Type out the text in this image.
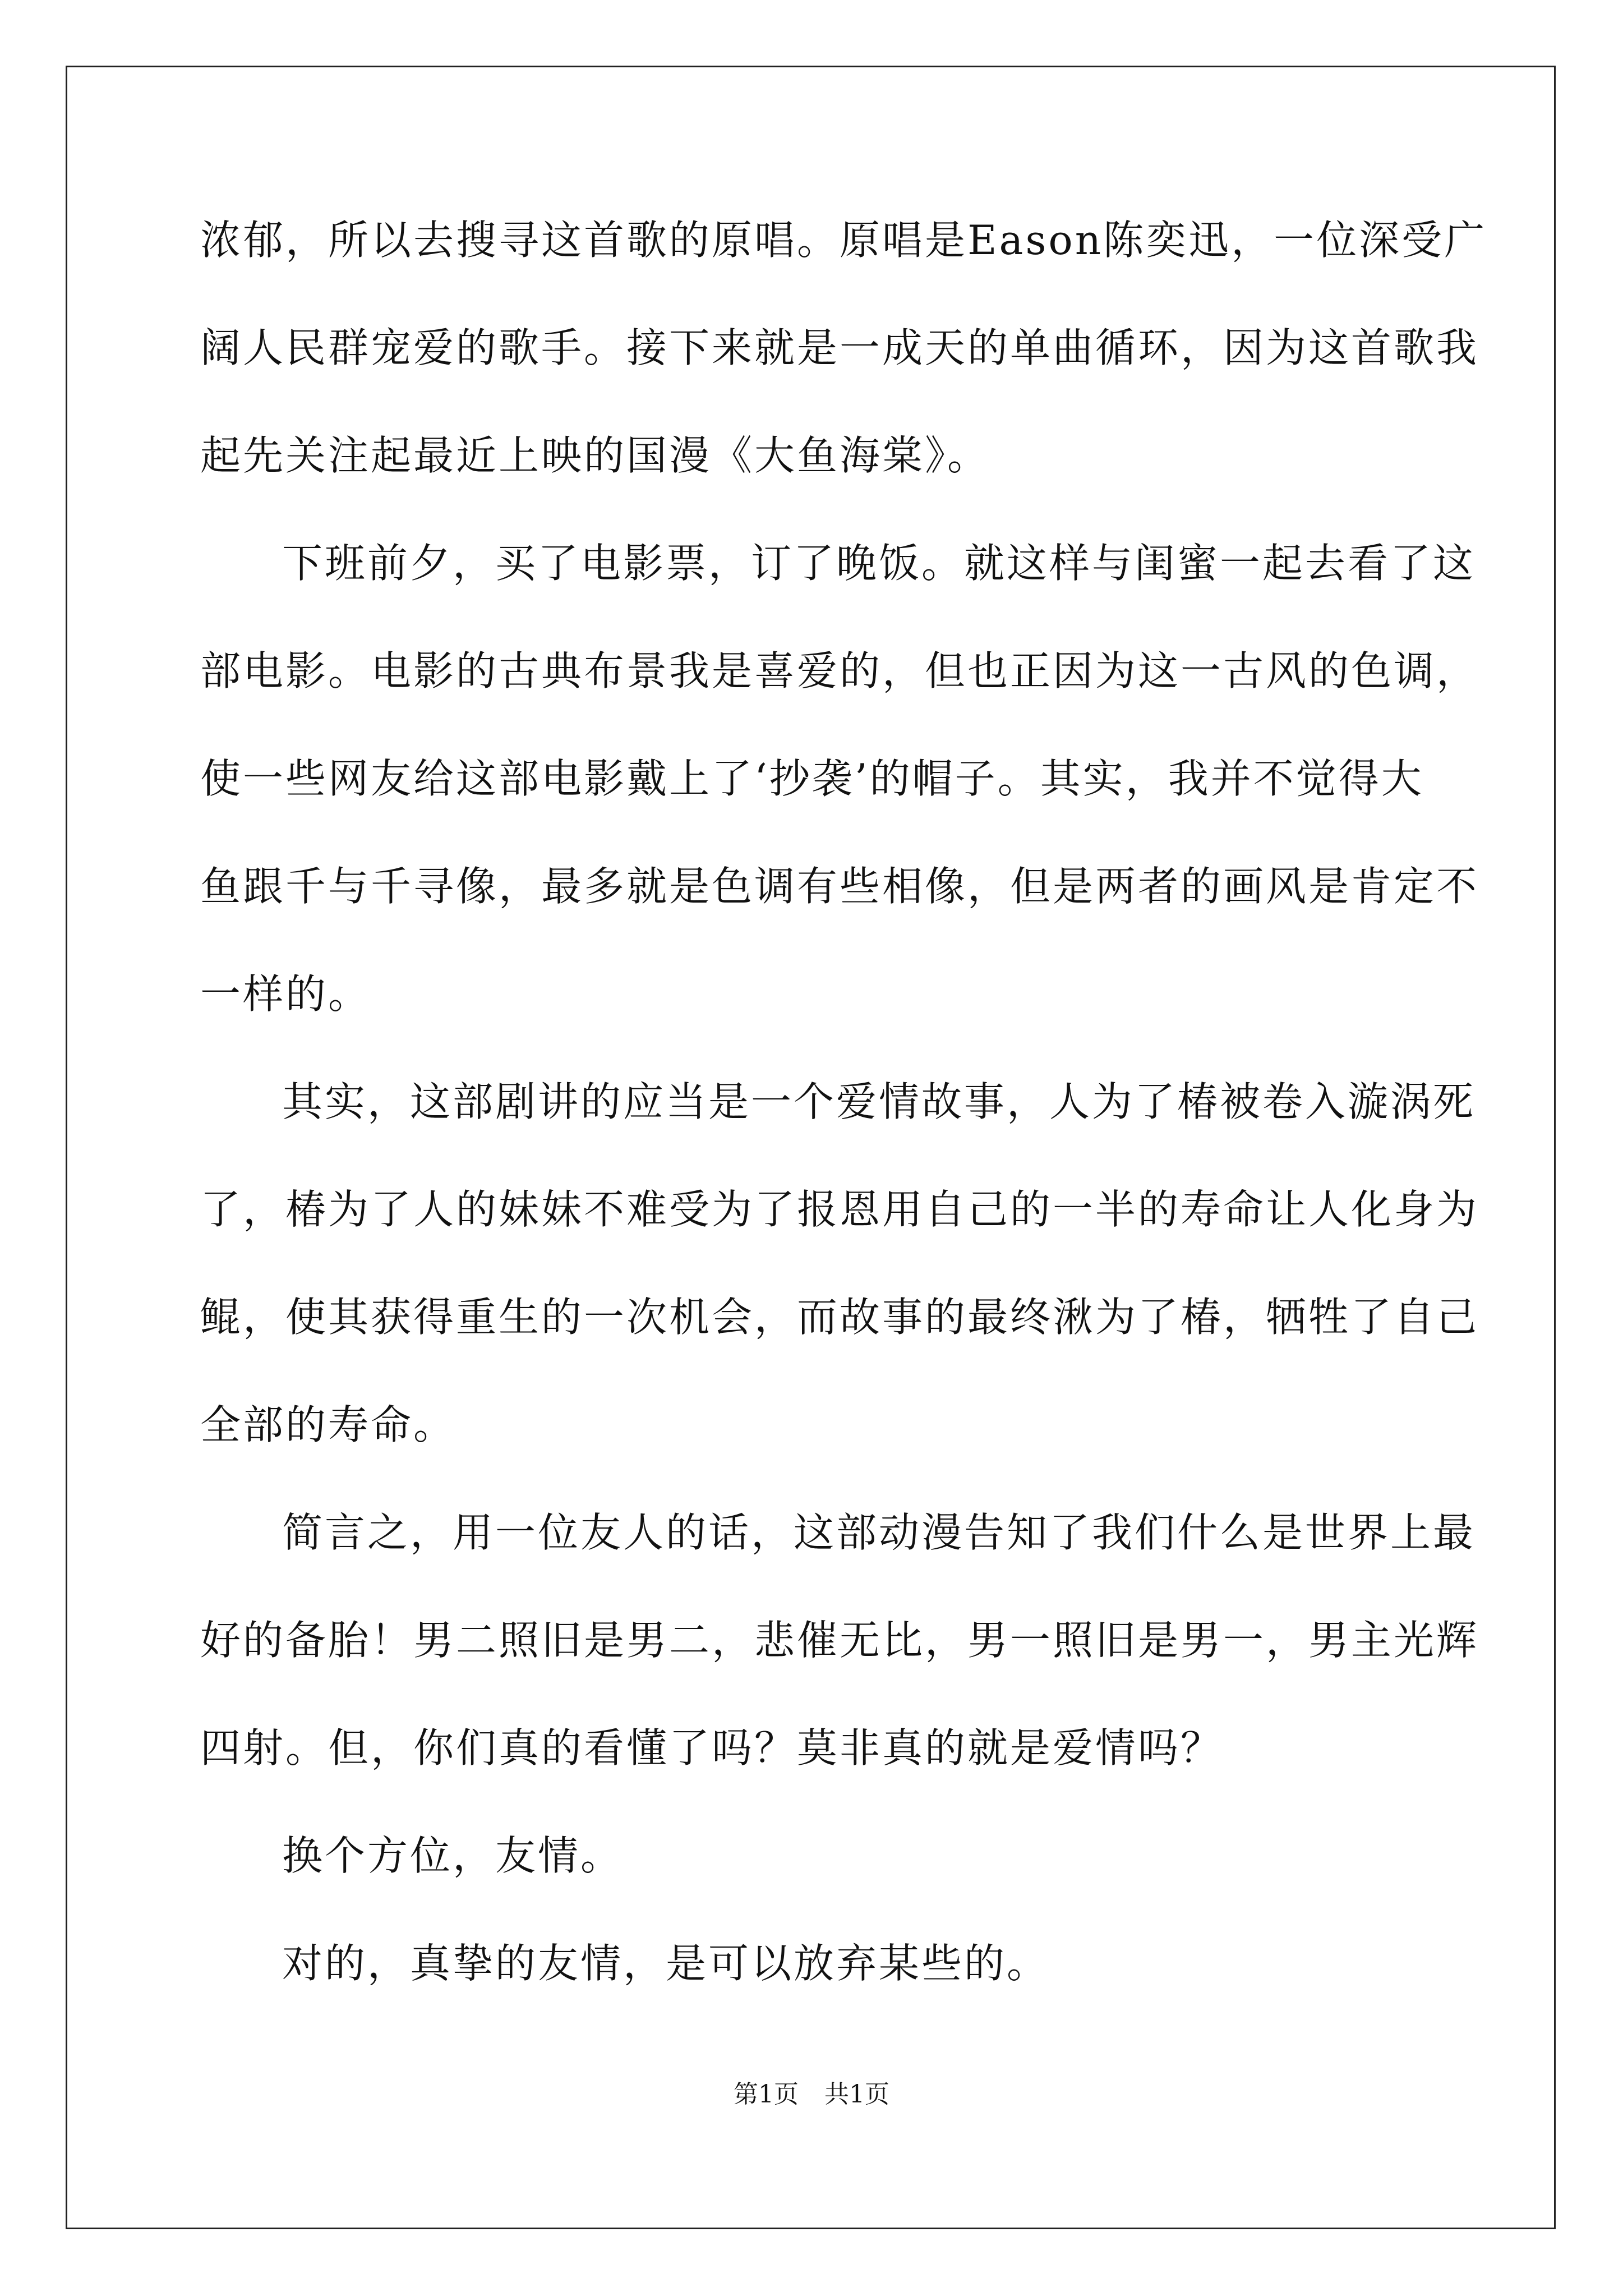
浓郁，所以去搜寻这首歌的原唱。原唱是Eason陈奕迅，一位深受广
阔人民群宠爱的歌手。接下来就是一成天的单曲循环，因为这首歌我
起先关注起最近上映的国漫《大鱼海棠》。
下班前夕，买了电影票，订了晚饭。就这样与闺蜜一起去看了这
部电影。电影的古典布景我是喜爱的，但也正因为这一古风的色调，
使一些网友给这部电影戴上了‘抄袭’的帽子。其实，我并不觉得大
鱼跟千与千寻像，最多就是色调有些相像，但是两者的画风是肯定不
一样的。
其实，这部剧讲的应当是一个爱情故事，人为了椿被卷入漩涡死
了，椿为了人的妹妹不难受为了报恩用自己的一半的寿命让人化身为
鲲，使其获得重生的一次机会，而故事的最终湫为了椿，牺牲了自己
全部的寿命。
简言之，用一位友人的话，这部动漫告知了我们什么是世界上最
好的备胎！男二照旧是男二，悲催无比，男一照旧是男一，男主光辉
四射。但，你们真的看懂了吗？莫非真的就是爱情吗？
换个方位，友情。
对的，真挚的友情，是可以放弃某些的。
第1页 共1页
